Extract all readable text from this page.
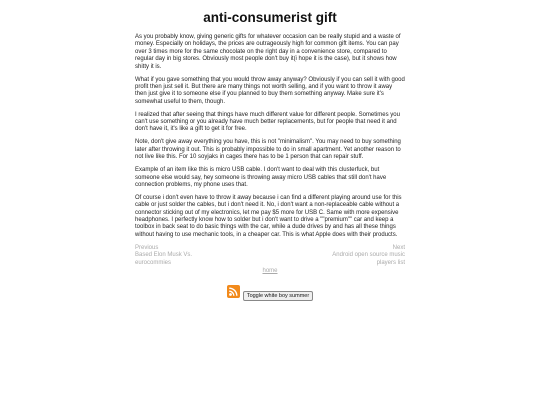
anti-consumerist gift

As you probably know, giving generic gifts for whatever occasion can be really stupid and a waste of money. Especially on holidays, the prices are outrageously high for common gift items. You can pay over 3 times more for the same chocolate on the right day in a convenience store, compared to regular day in big stores. Obviously most people don't buy it(i hope it is the case), but it shows how shitty it is.

What if you gave something that you would throw away anyway? Obviously if you can sell it with good profit then just sell it. But there are many things not worth selling, and if you want to throw it away then just give it to someone else if you planned to buy them something anyway. Make sure it's somewhat useful to them, though.

I realized that after seeing that things have much different value for different people. Sometimes you can't use something or you already have much better replacements, but for people that need it and don't have it, it's like a gift to get it for free.

Note, don't give away everything you have, this is not "minimalism". You may need to buy something later after throwing it out. This is probably impossible to do in small apartment. Yet another reason to not live like this. For 10 soyjaks in cages there has to be 1 person that can repair stuff.

Example of an item like this is micro USB cable. I don't want to deal with this clusterfuck, but someone else would say, hey someone is throwing away micro USB cables that still don't have connection problems, my phone uses that.

Of course i don't even have to throw it away because i can find a different playing around use for this cable or just solder the cables, but i don't need it. No, i don't want a non-replaceable cable without a connector sticking out of my electronics, let me pay $5 more for USB C. Same with more expensive headphones. I perfectly know how to solder but i don't want to drive a ""premium"" car and keep a toolbox in back seat to do basic things with the car, while a dude drives by and has all these things without having to use mechanic tools, in a cheaper car. This is what Apple does with their products.

Previous
Based Elon Musk Vs. eurocommies
Next
Android open source music players list
home
Toggle white boy summer
